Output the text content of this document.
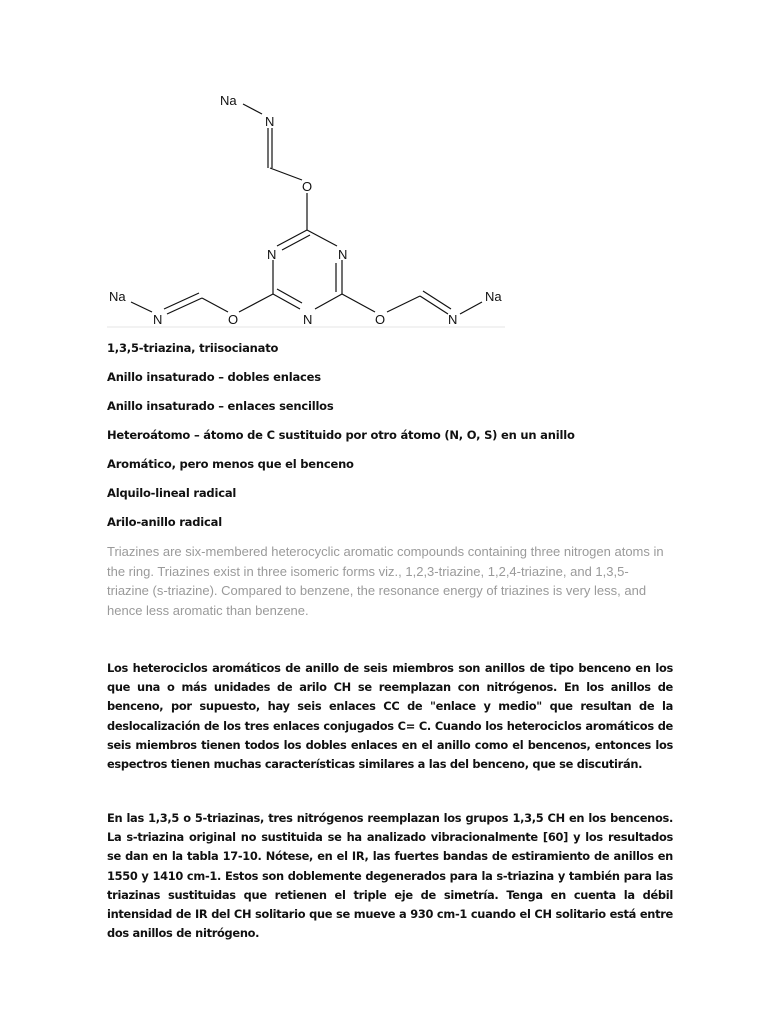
Na
N
O
N	N
N
Na
N	O	O	N
Na
1,3,5-triazina, triisocianato
Anillo insaturado – dobles enlaces
Anillo insaturado – enlaces sencillos
Heteroátomo – átomo de C sustituido por otro átomo (N, O, S) en un anillo
Aromático, pero menos que el benceno
Alquilo-lineal radical
Arilo-anillo radical
Triazines are six-membered heterocyclic aromatic compounds containing three nitrogen atoms in the ring. Triazines exist in three isomeric forms viz., 1,2,3-triazine, 1,2,4-triazine, and 1,3,5-triazine (s-triazine). Compared to benzene, the resonance energy of triazines is very less, and hence less aromatic than benzene.
Los heterociclos aromáticos de anillo de seis miembros son anillos de tipo benceno en los que una o más unidades de arilo CH se reemplazan con nitrógenos. En los anillos de benceno, por supuesto, hay seis enlaces CC de "enlace y medio" que resultan de la deslocalización de los tres enlaces conjugados C= C. Cuando los heterociclos aromáticos de seis miembros tienen todos los dobles enlaces en el anillo como el bencenos, entonces los espectros tienen muchas características similares a las del benceno, que se discutirán.
En las 1,3,5 o 5-triazinas, tres nitrógenos reemplazan los grupos 1,3,5 CH en los bencenos. La s-triazina original no sustituida se ha analizado vibracionalmente [60] y los resultados se dan en la tabla 17-10. Nótese, en el IR, las fuertes bandas de estiramiento de anillos en 1550 y 1410 cm-1. Estos son doblemente degenerados para la s-triazina y también para las triazinas sustituidas que retienen el triple eje de simetría. Tenga en cuenta la débil intensidad de IR del CH solitario que se mueve a 930 cm-1 cuando el CH solitario está entre dos anillos de nitrógeno.
